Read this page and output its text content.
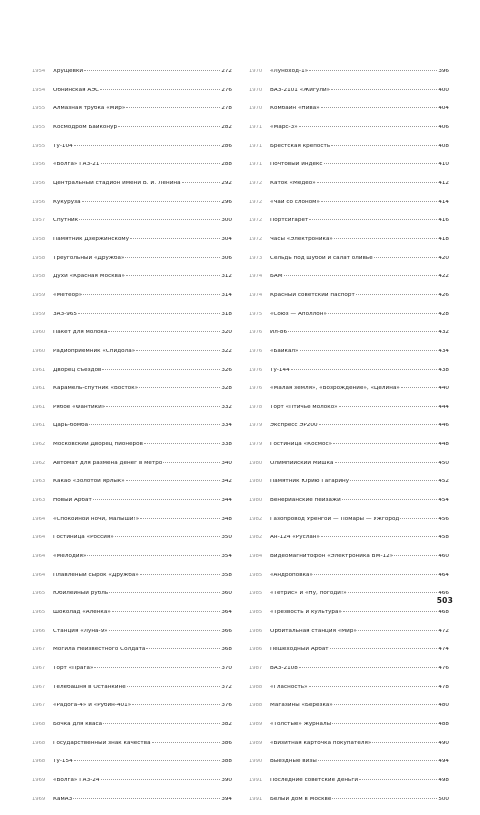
1954	Хрущёвки	272
1954	Обнинская АЭС	276
1955	Алмазная трубка «Мир»	278
1955	Космодром Байконур	282
1955	Ту-104	286
1956	«Волга» ГАЗ-21	288
1956	Центральный стадион имени В. И. Ленина	292
1956	Кукуруза	296
1957	Спутник	300
1958	Памятник Дзержинскому	304
1958	Треугольный «Дружба»	306
1958	Духи «Красная Москва»	312
1959	«Метеор»	314
1959	ЗАЗ-965	318
1960	Пакет для молока	320
1960	Радиоприемник «Спидола»	322
1961	Дворец съездов	326
1961	Карамель-спутник «Восток»	328
1961	Рябое «Фантики»	332
1961	Царь-бомба	334
1962	Московский Дворец пионеров	338
1962	Автомат для размена денег в метро	340
1963	Какао «Золотой ярлык»	342
1963	Новый Арбат	344
1964	«Спокойной ночи, малыши!»	348
1964	Гостиница «Россия»	350
1964	«Мелодия»	354
1964	Плавленый сырок «Дружба»	358
1965	Юбилейный рубль	360
1965	Шоколад «Аленка»	364
1966	Станция «Луна-9»	366
1967	Могила Неизвестного Солдата	368
1967	Торт «Прага»	370
1967	Телебашня в Останкине	372
1967	«Радога-4» и «Рубин-401»	376
1968	Бочка для кваса	382
1968	Государственный знак качества	386
1968	Ту-154	388
1969	«Волга» ГАЗ-24	390
1969	КамАЗ	394
1970	«Луноход-1»	396
1970	ВАЗ-2101 «Жигули»	400
1970	Комбайн «Нива»	404
1971	«Марс-3»	406
1971	Брестская крепость	408
1971	Почтовый индекс	410
1972	Каток «Медео»	412
1972	«Чай со слоном»	414
1972	Портсигарет	416
1972	Часы «Электроника»	418
1973	Сельдь под шубой и салат оливье	420
1974	БАМ	422
1974	Красный советский паспорт	426
1975	«Союз — Аполлон»	428
1976	Ил-86	432
1976	«Байкал»	434
1976	Ту-144	438
1976	«Малая земля», «Возрождение», «Целина»	440
1978	Торт «Птичье молоко»	444
1979	Экспресс ЭР200	446
1979	Гостиница «Космос»	448
1980	Олимпийский Мишка	450
1980	Памятник Юрию Гагарину	452
1980	Венерианские пейзажи	454
1982	Газопровод Уренгой — Помары — Ужгород	456
1982	Ан-124 «Руслан»	458
1984	Видеомагнитофон «Электроника ВМ-12»	460
1985	«Андроповка»	464
1985	«Тетрис» и «Ну, погоди!»	466
1985	«Трезвость и культура»	468
1986	Орбитальная станция «Мир»	472
1986	Пешеходный Арбат	474
1987	ВАЗ-2108	476
1988	«Гласность»	478
1988	Магазины «Березка»	480
1989	«Толстые» журналы	488
1989	«Визитная карточка покупателя»	490
1990	Выездные визы	494
1991	Последние советские деньги	498
1991	Белый дом в Москве	500
503
